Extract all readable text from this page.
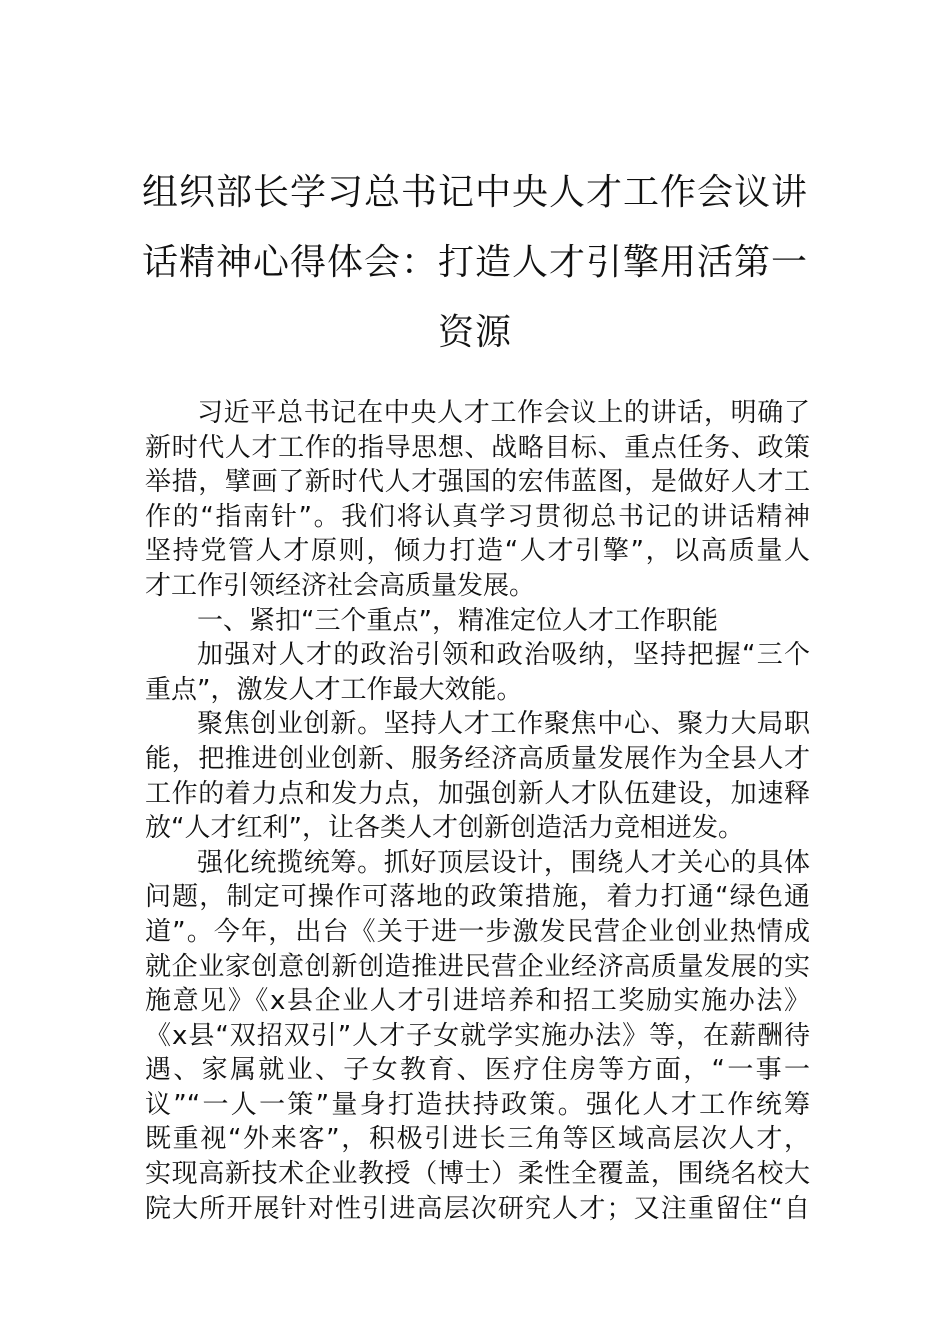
组织部长学习总书记中央人才工作会议讲
话精神心得体会：打造人才引擎用活第一
资源
习近平总书记在中央人才工作会议上的讲话，明确了
新时代人才工作的指导思想、战略目标、重点任务、政策
举措，擘画了新时代人才强国的宏伟蓝图，是做好人才工
作的“指南针”。我们将认真学习贯彻总书记的讲话精神
坚持党管人才原则，倾力打造“人才引擎”，以高质量人
才工作引领经济社会高质量发展。
一、紧扣“三个重点”，精准定位人才工作职能
加强对人才的政治引领和政治吸纳，坚持把握“三个
重点”，激发人才工作最大效能。
聚焦创业创新。坚持人才工作聚焦中心、聚力大局职
能，把推进创业创新、服务经济高质量发展作为全县人才
工作的着力点和发力点，加强创新人才队伍建设，加速释
放“人才红利”，让各类人才创新创造活力竞相迸发。
强化统揽统筹。抓好顶层设计，围绕人才关心的具体
问题，制定可操作可落地的政策措施，着力打通“绿色通
道”。今年，出台《关于进一步激发民营企业创业热情成
就企业家创意创新创造推进民营企业经济高质量发展的实
施意见》《x县企业人才引进培养和招工奖励实施办法》
《x县“双招双引”人才子女就学实施办法》等，在薪酬待
遇、家属就业、子女教育、医疗住房等方面，“一事一
议”“一人一策”量身打造扶持政策。强化人才工作统筹
既重视“外来客”，积极引进长三角等区域高层次人才，
实现高新技术企业教授（博士）柔性全覆盖，围绕名校大
院大所开展针对性引进高层次研究人才；又注重留住“自
